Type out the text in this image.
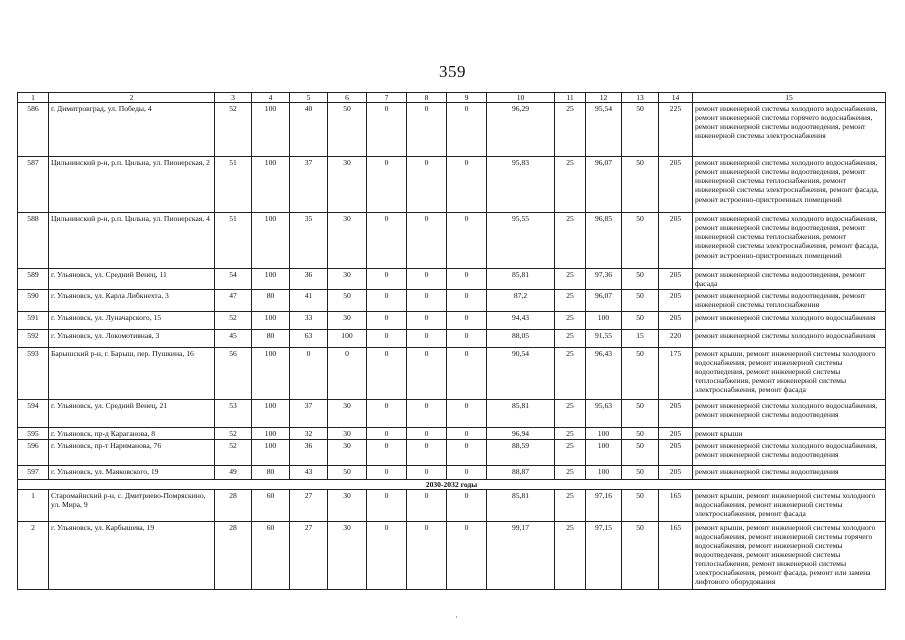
359
1	2	3	4	5	6	7	8	9	10	11	12	13	14	15
586	г. Димитровград, ул. Победы, 4	52	100	40	50	0	0	0	96,29	25	95,54	50	225	ремонт инженерной системы холодного водоснабжения, ремонт инженерной системы горячего водоснабжения, ремонт инженерной системы водоотведения, ремонт инженерной системы электроснабжения
587	Цильнинский р-н, р.п. Цильна, ул. Пионерская, 2	51	100	37	30	0	0	0	95,83	25	96,07	50	205	ремонт инженерной системы холодного водоснабжения, ремонт инженерной системы водоотведения, ремонт инженерной системы теплоснабжения, ремонт инженерной системы электроснабжения, ремонт фасада, ремонт встроенно-пристроенных помещений
588	Цильнинский р-н, р.п. Цильна, ул. Пионерская, 4	51	100	35	30	0	0	0	95,55	25	96,85	50	205	ремонт инженерной системы холодного водоснабжения, ремонт инженерной системы водоотведения, ремонт инженерной системы теплоснабжения, ремонт инженерной системы электроснабжения, ремонт фасада, ремонт встроенно-пристроенных помещений
589	г. Ульяновск, ул. Средний Венец, 11	54	100	36	30	0	0	0	85,81	25	97,36	50	205	ремонт инженерной системы водоотведения, ремонт фасада
590	г. Ульяновск, ул. Карла Либкнехта, 3	47	80	41	50	0	0	0	87,2	25	96,07	50	205	ремонт инженерной системы водоотведения, ремонт инженерной системы теплоснабжения
591	г. Ульяновск, ул. Луначарского, 15	52	100	33	30	0	0	0	94,43	25	100	50	205	ремонт инженерной системы холодного водоснабжения
592	г. Ульяновск, ул. Локомотивная, 3	45	80	63	100	0	0	0	88,05	25	91,55	15	220	ремонт инженерной системы холодного водоснабжения
593	Барышский р-н, г. Барыш, пер. Пушкина, 16	56	100	0	0	0	0	0	90,54	25	96,43	50	175	ремонт крыши, ремонт инженерной системы холодного водоснабжения, ремонт инженерной системы водоотведения, ремонт инженерной системы теплоснабжения, ремонт инженерной системы электроснабжения, ремонт фасада
594	г. Ульяновск, ул. Средний Венец, 21	53	100	37	30	0	0	0	85,81	25	95,63	50	205	ремонт инженерной системы холодного водоснабжения, ремонт инженерной системы водоотведения
595	г. Ульяновск, пр-д Караганова, 8	52	100	32	30	0	0	0	96,94	25	100	50	205	ремонт крыши
596	г. Ульяновск, пр-т Нариманова, 76	52	100	36	30	0	0	0	88,59	25	100	50	205	ремонт инженерной системы холодного водоснабжения, ремонт инженерной системы водоотведения
597	г. Ульяновск, ул. Маяковского, 19	49	80	43	50	0	0	0	88,87	25	100	50	205	ремонт инженерной системы водоотведения
2030-2032 годы														
1	Старомайнский р-н, с. Дмитриево-Помряскино, ул. Мира, 9	28	60	27	30	0	0	0	85,81	25	97,16	50	165	ремонт крыши, ремонт инженерной системы холодного водоснабжения, ремонт инженерной системы электроснабжения, ремонт фасада
2	г. Ульяновск, ул. Карбышева, 19	28	60	27	30	0	0	0	99,17	25	97,15	50	165	ремонт крыши, ремонт инженерной системы холодного водоснабжения, ремонт инженерной системы горячего водоснабжения, ремонт инженерной системы водоотведения, ремонт инженерной системы теплоснабжения, ремонт инженерной системы электроснабжения, ремонт фасада, ремонт или замена лифтового оборудования
·
